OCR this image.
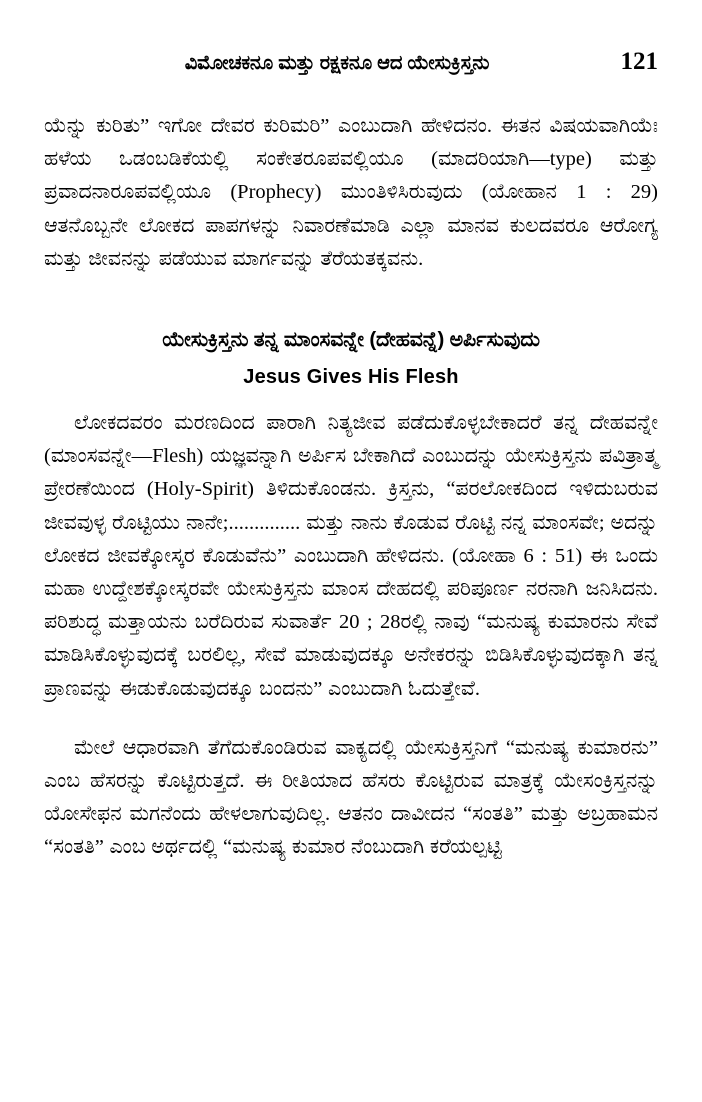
ವಿಮೋಚಕನೂ ಮತ್ತು ರಕ್ಷಕನೂ ಆದ ಯೇಸುಕ್ರಿಸ್ತನು	121

ಯೆನ್ನು ಕುರಿತು” ಇಗೋ ದೇವರ ಕುರಿಮರಿ” ಎಂಬುದಾಗಿ ಹೇಳಿದನಂ. ಈತನ ವಿಷಯವಾಗಿಯೆಃ ಹಳೆಯ ಒಡಂಬಡಿಕೆಯಲ್ಲಿ ಸಂಕೇತರೂಪವಲ್ಲಿಯೂ (ಮಾದರಿಯಾಗಿ—type) ಮತ್ತು ಪ್ರವಾದನಾರೂಪವಲ್ಲಿಯೂ (Prophecy) ಮುಂತಿಳಿಸಿರುವುದು (ಯೋಹಾನ 1 : 29) ಆತನೊಬ್ಬನೇ ಲೋಕದ ಪಾಪಗಳನ್ನು ನಿವಾರಣೆಮಾಡಿ ಎಲ್ಲಾ ಮಾನವ ಕುಲದವರೂ ಆರೋಗ್ಯ ಮತ್ತು ಜೀವನನ್ನು ಪಡೆಯುವ ಮಾರ್ಗವನ್ನು ತೆರೆಯತಕ್ಕವನು.

ಯೇಸುಕ್ರಿಸ್ತನು ತನ್ನ ಮಾಂಸವನ್ನೇ (ದೇಹವನ್ನೆ) ಅರ್ಪಿಸುವುದು
Jesus Gives His Flesh

ಲೋಕದವರಂ ಮರಣದಿಂದ ಪಾರಾಗಿ ನಿತ್ಯಜೀವ ಪಡೆದುಕೊಳ್ಳಬೇಕಾದರೆ ತನ್ನ ದೇಹವನ್ನೇ (ಮಾಂಸವನ್ನೇ—Flesh) ಯಜ್ಞವನ್ನಾಗಿ ಅರ್ಪಿಸ ಬೇಕಾಗಿದೆ ಎಂಬುದನ್ನು ಯೇಸುಕ್ರಿಸ್ತನು ಪವಿತ್ರಾತ್ಮ ಪ್ರೇರಣೆಯಿಂದ (Holy-Spirit) ತಿಳಿದುಕೊಂಡನು. ಕ್ರಿಸ್ತನು, “ಪರಲೋಕದಿಂದ ಇಳಿದುಬರುವ ಜೀವವುಳ್ಳ ರೊಟ್ಟಿಯು ನಾನೇ;.............. ಮತ್ತು ನಾನು ಕೊಡುವ ರೊಟ್ಟಿ ನನ್ನ ಮಾಂಸವೇ; ಅದನ್ನು ಲೋಕದ ಜೀವಕ್ಕೋಸ್ಕರ ಕೊಡುವೆನು” ಎಂಬುದಾಗಿ ಹೇಳಿದನು. (ಯೋಹಾ 6 : 51) ಈ ಒಂದು ಮಹಾ ಉದ್ದೇಶಕ್ಕೋಸ್ಕರವೇ ಯೇಸುಕ್ರಿಸ್ತನು ಮಾಂಸ ದೇಹದಲ್ಲಿ ಪರಿಪೂರ್ಣ ನರನಾಗಿ ಜನಿಸಿದನು. ಪರಿಶುದ್ಧ ಮತ್ತಾಯನು ಬರೆದಿರುವ ಸುವಾರ್ತೆ 20 ; 28ರಲ್ಲಿ ನಾವು “ಮನುಷ್ಯ ಕುಮಾರನು ಸೇವೆ ಮಾಡಿಸಿಕೊಳ್ಳುವುದಕ್ಕೆ ಬರಲಿಲ್ಲ, ಸೇವೆ ಮಾಡುವುದಕ್ಕೂ ಅನೇಕರನ್ನು ಬಿಡಿಸಿಕೊಳ್ಳುವುದಕ್ಕಾಗಿ ತನ್ನ ಪ್ರಾಣವನ್ನು ಈಡುಕೊಡುವುದಕ್ಕೂ ಬಂದನು” ಎಂಬುದಾಗಿ ಓದುತ್ತೇವೆ.

ಮೇಲೆ ಆಧಾರವಾಗಿ ತೆಗೆದುಕೊಂಡಿರುವ ವಾಕ್ಯದಲ್ಲಿ ಯೇಸುಕ್ರಿಸ್ತನಿಗೆ “ಮನುಷ್ಯ ಕುಮಾರನು” ಎಂಬ ಹೆಸರನ್ನು ಕೊಟ್ಟಿರುತ್ತದೆ. ಈ ರೀತಿಯಾದ ಹೆಸರು ಕೊಟ್ಟಿರುವ ಮಾತ್ರಕ್ಕೆ ಯೇಸಂಕ್ರಿಸ್ತನನ್ನು ಯೋಸೇಫನ ಮಗನೆಂದು ಹೇಳಲಾಗುವುದಿಲ್ಲ. ಆತನಂ ದಾವೀದನ “ಸಂತತಿ” ಮತ್ತು ಅಬ್ರಹಾಮನ “ಸಂತತಿ” ಎಂಬ ಅರ್ಥದಲ್ಲಿ “ಮನುಷ್ಯ ಕುಮಾರ ನೆಂಬುದಾಗಿ ಕರೆಯಲ್ಪಟ್ಟಿ
